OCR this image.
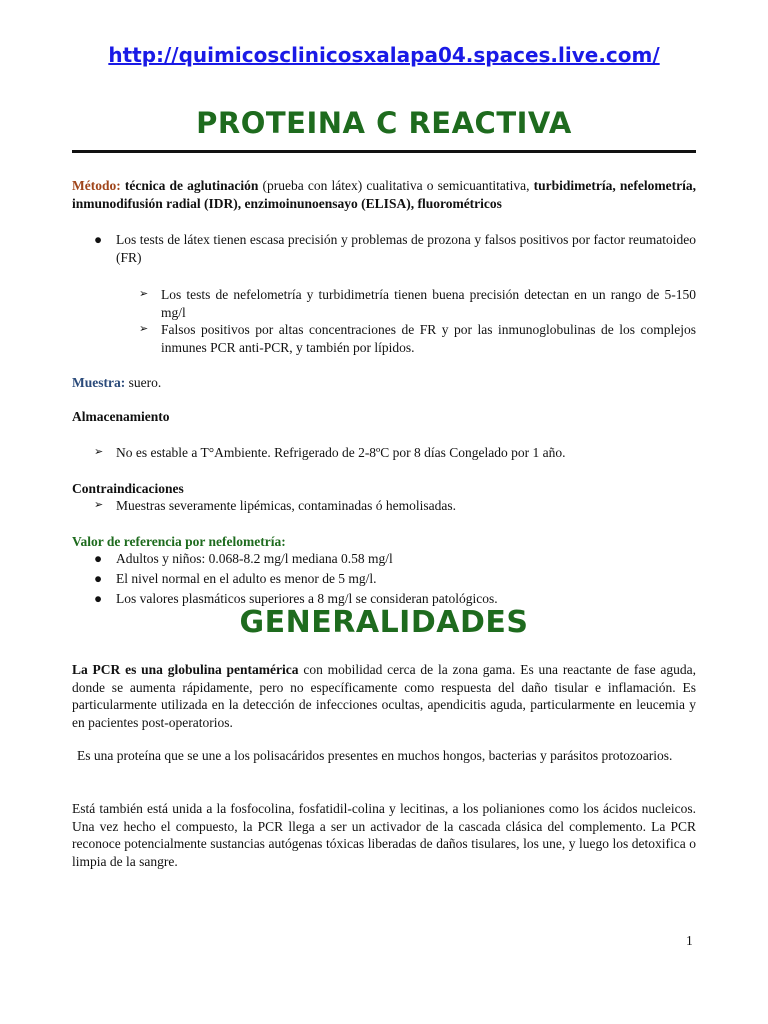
http://quimicosclinicosxalapa04.spaces.live.com/
PROTEINA C REACTIVA
Método: técnica de aglutinación (prueba con látex) cualitativa o semicuantitativa, turbidimetría, nefelometría, inmunodifusión radial (IDR), enzimoinunoensayo (ELISA), fluorométricos
●	Los tests de látex tienen escasa precisión y problemas de prozona y falsos positivos por factor reumatoideo (FR)
➢ Los tests de nefelometría y turbidimetría tienen buena precisión detectan en un rango de 5-150 mg/l
➢ Falsos positivos por altas concentraciones de FR y por las inmunoglobulinas de los complejos inmunes PCR anti-PCR, y también por lípidos.
Muestra: suero.
Almacenamiento
➢ No es estable a T°Ambiente. Refrigerado de 2-8ºC por 8 días Congelado por 1 año.
Contraindicaciones
➢ Muestras severamente lipémicas, contaminadas ó hemolisadas.
Valor de referencia por nefelometría:
●	Adultos y niños: 0.068-8.2 mg/l mediana 0.58 mg/l
●	El nivel normal en el adulto es menor de 5 mg/l.
●	Los valores plasmáticos superiores a 8 mg/l se consideran patológicos.
GENERALIDADES
La PCR es una globulina pentamérica con mobilidad cerca de la zona gama. Es una reactante de fase aguda, donde se aumenta rápidamente, pero no específicamente como respuesta del daño tisular e inflamación. Es particularmente utilizada en la detección de infecciones ocultas, apendicitis aguda, particularmente en leucemia y en pacientes post-operatorios.
Es una proteína que se une a los polisacáridos presentes en muchos hongos, bacterias y parásitos protozoarios.
Está también está unida a la fosfocolina, fosfatidil-colina y lecitinas, a los polianiones como los ácidos nucleicos. Una vez hecho el compuesto, la PCR llega a ser un activador de la cascada clásica del complemento. La PCR reconoce potencialmente sustancias autógenas tóxicas liberadas de daños tisulares, los une, y luego los detoxifica o limpia de la sangre.
1
